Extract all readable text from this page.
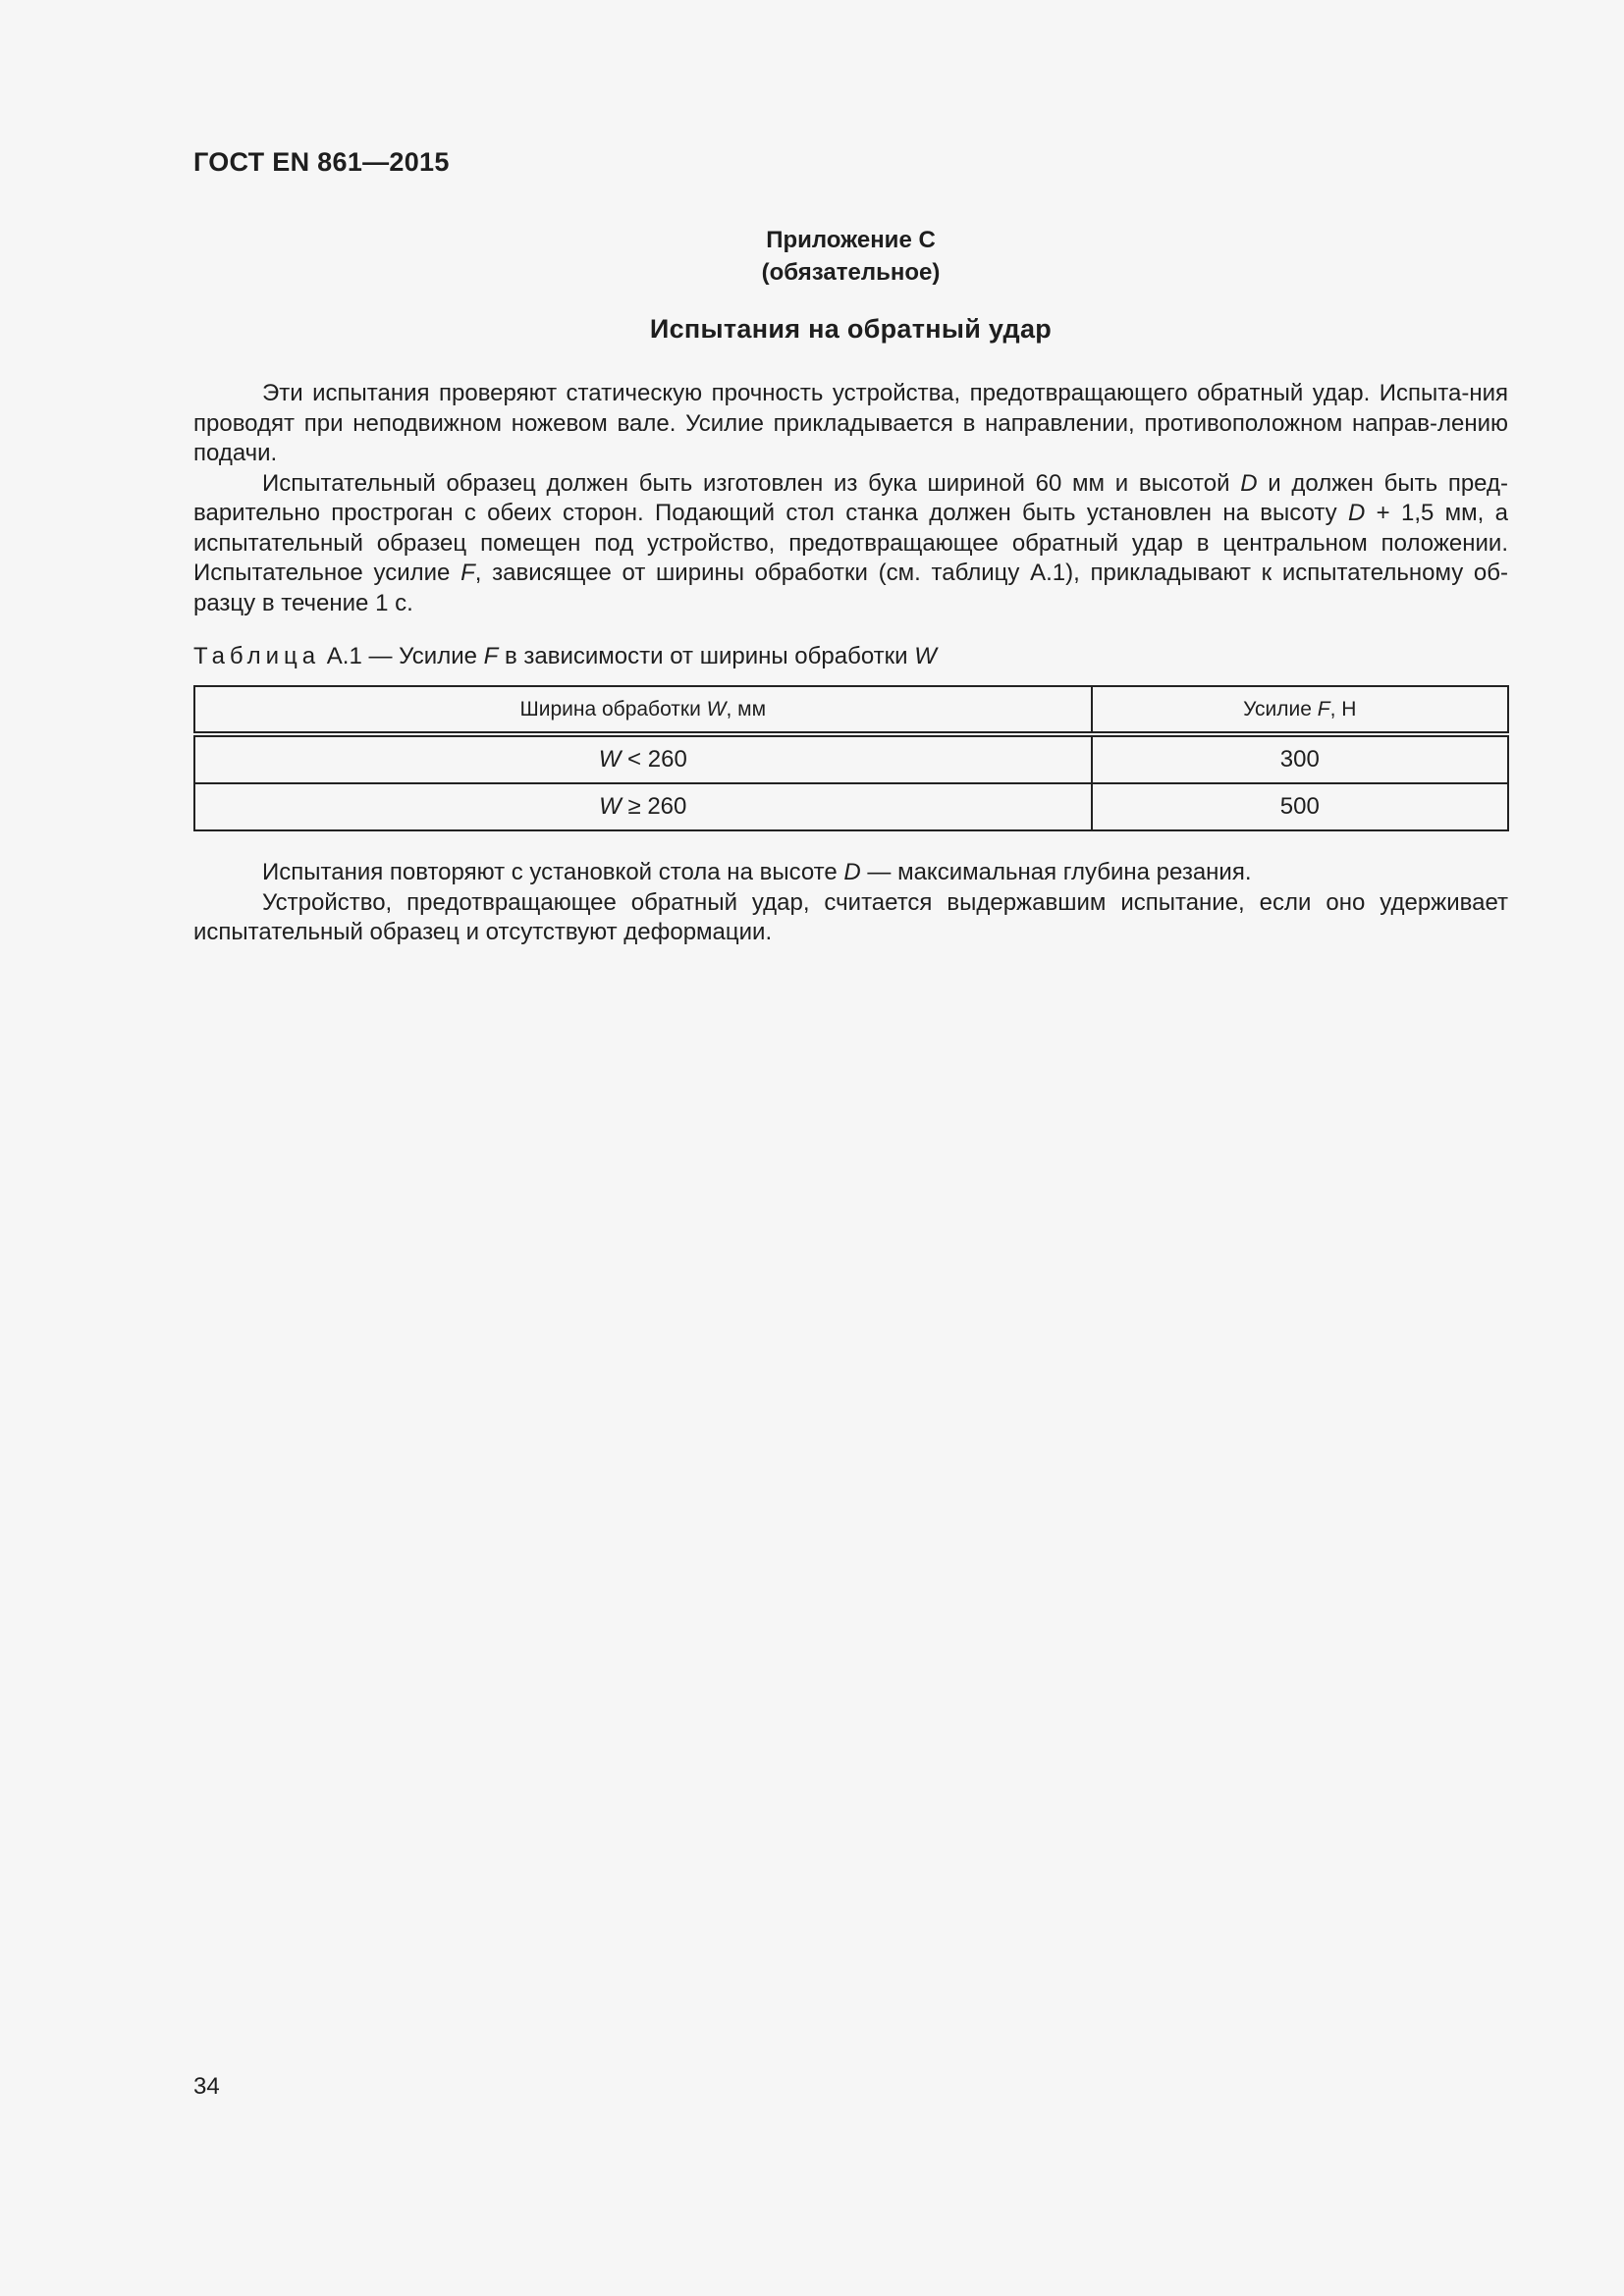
ГОСТ EN 861—2015
Приложение С
(обязательное)
Испытания на обратный удар

Эти испытания проверяют статическую прочность устройства, предотвращающего обратный удар. Испыта-ния проводят при неподвижном ножевом вале. Усилие прикладывается в направлении, противоположном направ-лению подачи.

Испытательный образец должен быть изготовлен из бука шириной 60 мм и высотой D и должен быть пред-варительно простроган с обеих сторон. Подающий стол станка должен быть установлен на высоту D + 1,5 мм, а испытательный образец помещен под устройство, предотвращающее обратный удар в центральном положении. Испытательное усилие F, зависящее от ширины обработки (см. таблицу А.1), прикладывают к испытательному об-разцу в течение 1 с.

Таблица А.1 — Усилие F в зависимости от ширины обработки W
Ширина обработки W, мм	Усилие F, Н
W < 260	300
W ≥ 260	500

Испытания повторяют с установкой стола на высоте D — максимальная глубина резания.

Устройство, предотвращающее обратный удар, считается выдержавшим испытание, если оно удерживает испытательный образец и отсутствуют деформации.

34
